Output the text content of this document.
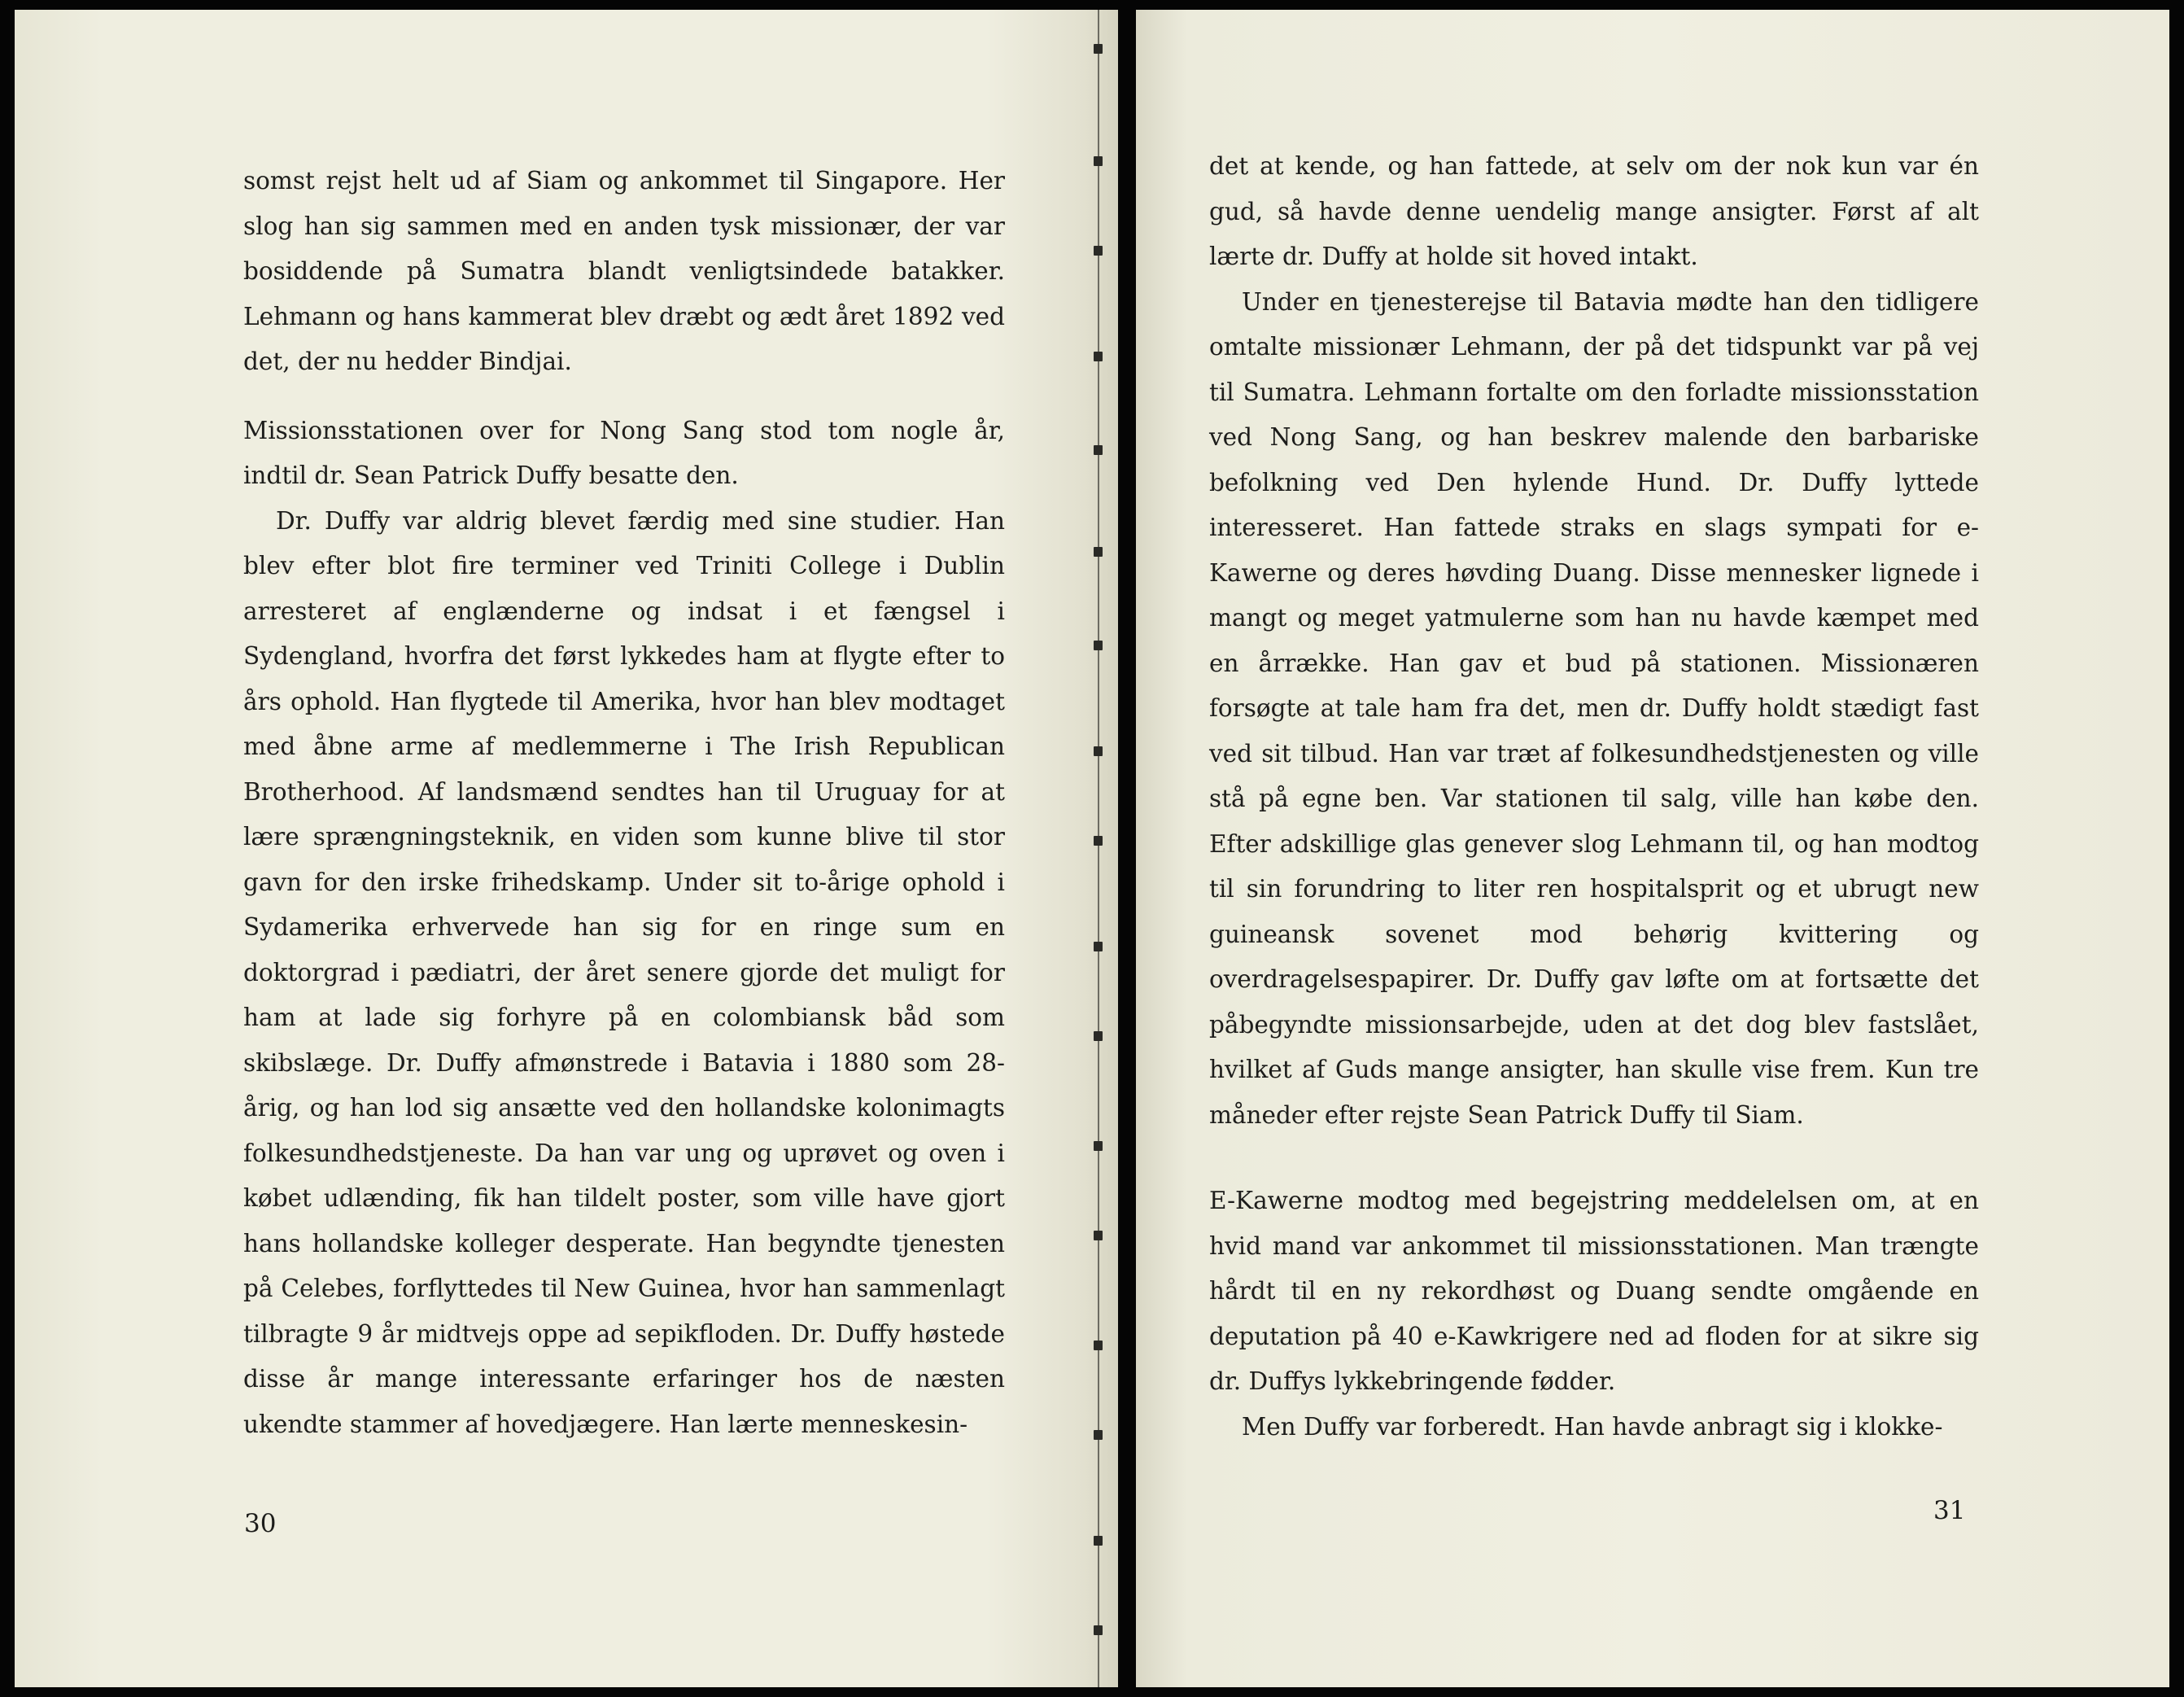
somst rejst helt ud af Siam og ankommet til Singapore. Her slog han sig sammen med en anden tysk missionær, der var bosiddende på Sumatra blandt venligtsindede batakker. Lehmann og hans kammerat blev dræbt og ædt året 1892 ved det, der nu hedder Bindjai.

Missionsstationen over for Nong Sang stod tom nogle år, indtil dr. Sean Patrick Duffy besatte den.

Dr. Duffy var aldrig blevet færdig med sine studier. Han blev efter blot fire terminer ved Triniti College i Dublin arresteret af englænderne og indsat i et fængsel i Sydengland, hvorfra det først lykkedes ham at flygte efter to års ophold. Han flygtede til Amerika, hvor han blev modtaget med åbne arme af medlemmerne i The Irish Republican Brotherhood. Af landsmænd sendtes han til Uruguay for at lære sprængningsteknik, en viden som kunne blive til stor gavn for den irske frihedskamp. Under sit to-årige ophold i Sydamerika erhvervede han sig for en ringe sum en doktorgrad i pædiatri, der året senere gjorde det muligt for ham at lade sig forhyre på en colombiansk båd som skibslæge. Dr. Duffy afmønstrede i Batavia i 1880 som 28-årig, og han lod sig ansætte ved den hollandske kolonimagts folkesundhedstjeneste. Da han var ung og uprøvet og oven i købet udlænding, fik han tildelt poster, som ville have gjort hans hollandske kolleger desperate. Han begyndte tjenesten på Celebes, forflyttedes til New Guinea, hvor han sammenlagt tilbragte 9 år midtvejs oppe ad sepikfloden. Dr. Duffy høstede disse år mange interessante erfaringer hos de næsten ukendte stammer af hovedjægere. Han lærte menneskesin-

30

det at kende, og han fattede, at selv om der nok kun var én gud, så havde denne uendelig mange ansigter. Først af alt lærte dr. Duffy at holde sit hoved intakt.

Under en tjenesterejse til Batavia mødte han den tidligere omtalte missionær Lehmann, der på det tidspunkt var på vej til Sumatra. Lehmann fortalte om den forladte missionsstation ved Nong Sang, og han beskrev malende den barbariske befolkning ved Den hylende Hund. Dr. Duffy lyttede interesseret. Han fattede straks en slags sympati for e-Kawerne og deres høvding Duang. Disse mennesker lignede i mangt og meget yatmulerne som han nu havde kæmpet med en årrække. Han gav et bud på stationen. Missionæren forsøgte at tale ham fra det, men dr. Duffy holdt stædigt fast ved sit tilbud. Han var træt af folkesundhedstjenesten og ville stå på egne ben. Var stationen til salg, ville han købe den. Efter adskillige glas genever slog Lehmann til, og han modtog til sin forundring to liter ren hospitalsprit og et ubrugt new guineansk sovenet mod behørig kvittering og overdragelsespapirer. Dr. Duffy gav løfte om at fortsætte det påbegyndte missionsarbejde, uden at det dog blev fastslået, hvilket af Guds mange ansigter, han skulle vise frem. Kun tre måneder efter rejste Sean Patrick Duffy til Siam.

E-Kawerne modtog med begejstring meddelelsen om, at en hvid mand var ankommet til missionsstationen. Man trængte hårdt til en ny rekordhøst og Duang sendte omgående en deputation på 40 e-Kawkrigere ned ad floden for at sikre sig dr. Duffys lykkebringende fødder.

Men Duffy var forberedt. Han havde anbragt sig i klokke-

31
